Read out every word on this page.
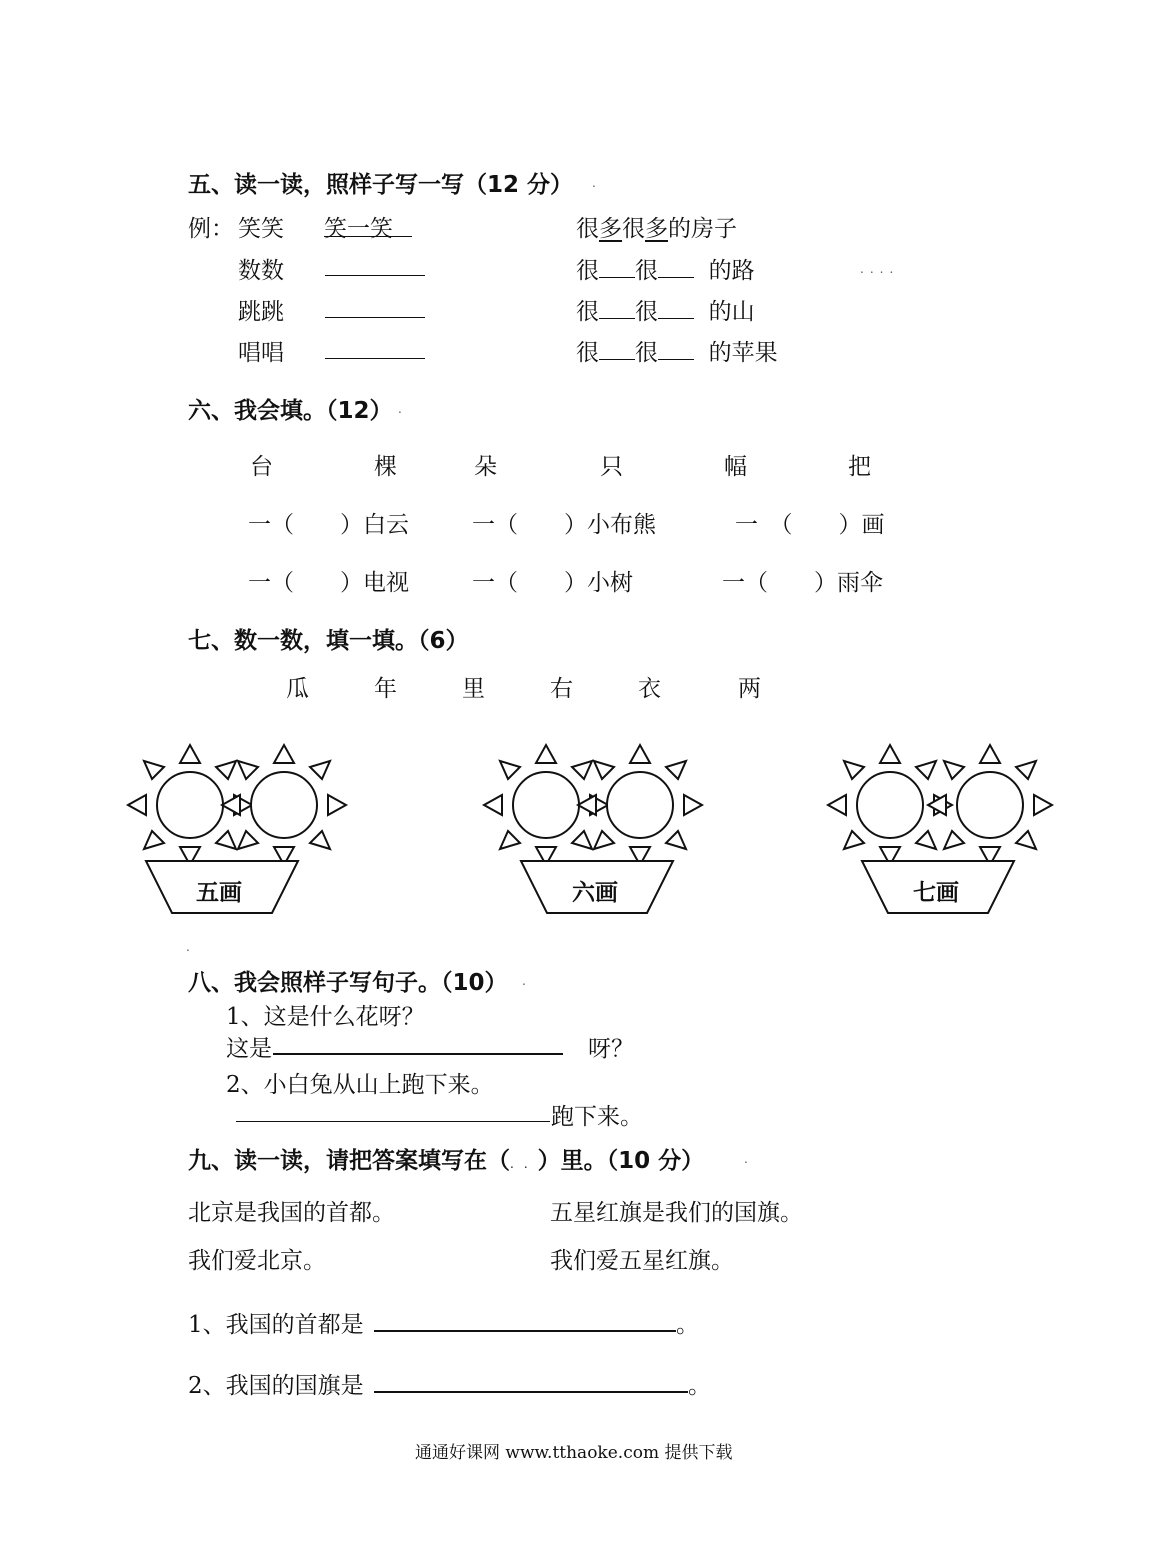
五、读一读，照样子写一写（12 分） .
例： 笑笑 笑一笑	很多很多的房子
数数	很 很 的路	....
跳跳	很 很 的山
唱唱	很 很 的苹果
六、我会填。（12） .
台	棵	朵	只	幅	把
一（　　）白云	一（　　）小布熊	一　（　　）画
一（　　）电视	一（　　）小树	一（　　）雨伞
七、数一数，填一填。（6）
瓜	年	里	右	衣	两
五画	六画	七画
.
八、我会照样子写句子。（10） .
1、这是什么花呀？
这是	呀？
2、小白兔从山上跑下来。
跑下来。
九、读一读，请把答案填写在（..）里。（10 分）	.
北京是我国的首都。	五星红旗是我们的国旗。
我们爱北京。	我们爱五星红旗。
1、我国的首都是	。
2、我国的国旗是	。
通通好课网 www.tthaoke.com 提供下载
